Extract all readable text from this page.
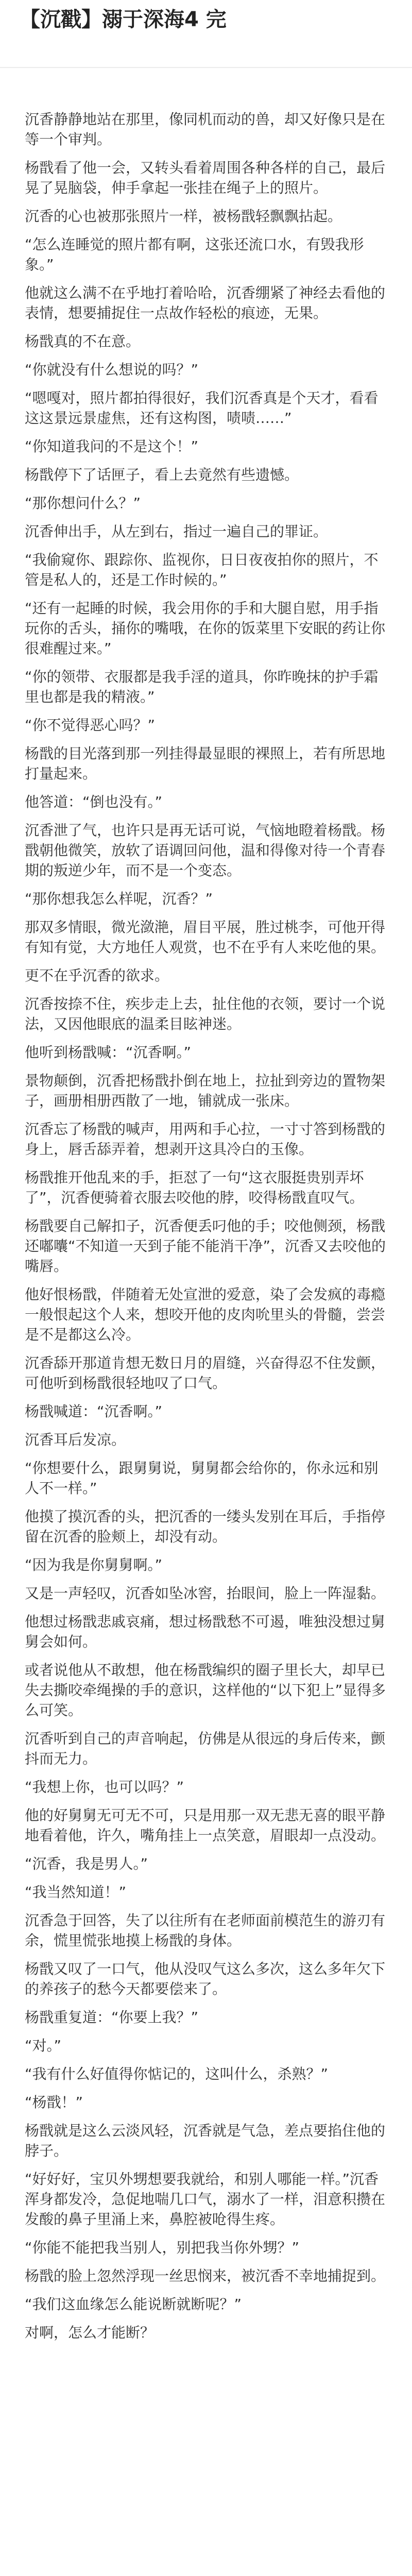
【沉戳】溺于深海4 完

沉香静静地站在那里，像同机而动的兽，却又好像只是在等一个审判。

杨戬看了他一会，又转头看着周围各种各样的自己，最后晃了晃脑袋，伸手拿起一张挂在绳子上的照片。

沉香的心也被那张照片一样，被杨戬轻飘飘拈起。

“怎么连睡觉的照片都有啊，这张还流口水，有毁我形象。”

他就这么满不在乎地打着哈哈，沉香绷紧了神经去看他的表情，想要捕捉住一点故作轻松的痕迹，无果。

杨戬真的不在意。

“你就没有什么想说的吗？”

“嗯嘎对，照片都拍得很好，我们沉香真是个天才，看看这这景远景虚焦，还有这构图，啧啧……”

“你知道我问的不是这个！”

杨戬停下了话匣子，看上去竟然有些遗憾。

“那你想问什么？”

沉香伸出手，从左到右，指过一遍自己的罪证。

“我偷窥你、跟踪你、监视你，日日夜夜拍你的照片，不管是私人的，还是工作时候的。”

“还有一起睡的时候，我会用你的手和大腿自慰，用手指玩你的舌头，捅你的嘴哦，在你的饭菜里下安眠的药让你很难醒过来。”

“你的领带、衣服都是我手淫的道具，你昨晚抹的护手霜里也都是我的精液。”

“你不觉得恶心吗？”

杨戬的目光落到那一列挂得最显眼的裸照上，若有所思地打量起来。

他答道：“倒也没有。”

沉香泄了气，也许只是再无话可说，气恼地瞪着杨戬。杨戬朝他微笑，放软了语调回问他，温和得像对待一个青春期的叛逆少年，而不是一个变态。

“那你想我怎么样呢，沉香？”

那双多情眼，微光潋滟，眉目平展，胜过桃李，可他开得有知有觉，大方地任人观赏，也不在乎有人来吃他的果。

更不在乎沉香的欲求。

沉香按捺不住，疾步走上去，扯住他的衣领，要讨一个说法，又因他眼底的温柔目眩神迷。

他听到杨戬喊：“沉香啊。”

景物颠倒，沉香把杨戬扑倒在地上，拉扯到旁边的置物架子，画册相册西散了一地，铺就成一张床。

沉香忘了杨戬的喊声，用两和手心拉，一寸寸答到杨戬的身上，唇舌舔弄着，想剥开这具冷白的玉像。

杨戬推开他乱来的手，拒怼了一句“这衣服挺贵别弄坏了”，沉香便骑着衣服去咬他的脖，咬得杨戬直叹气。

杨戬要自己解扣子，沉香便丢叼他的手；咬他侧颈，杨戬还嘟囔“不知道一天到子能不能消干净”，沉香又去咬他的嘴唇。

他好恨杨戬，伴随着无处宣泄的爱意，染了会发疯的毒瘾一般恨起这个人来，想咬开他的皮肉吮里头的骨髓，尝尝是不是都这么冷。

沉香舔开那道肯想无数日月的眉缝，兴奋得忍不住发颤，可他听到杨戬很轻地叹了口气。

杨戬喊道：“沉香啊。”

沉香耳后发凉。

“你想要什么，跟舅舅说，舅舅都会给你的，你永远和别人不一样。”

他摸了摸沉香的头，把沉香的一缕头发别在耳后，手指停留在沉香的脸颊上，却没有动。

“因为我是你舅舅啊。”

又是一声轻叹，沉香如坠冰窖，抬眼间，脸上一阵湿黏。

他想过杨戬悲戚哀痛，想过杨戬愁不可遏，唯独没想过舅舅会如何。

或者说他从不敢想，他在杨戬编织的圈子里长大，却早已失去撕咬牵绳操的手的意识，这样他的“以下犯上”显得多么可笑。

沉香听到自己的声音响起，仿佛是从很远的身后传来，颤抖而无力。

“我想上你，也可以吗？”

他的好舅舅无可无不可，只是用那一双无悲无喜的眼平静地看着他，许久，嘴角挂上一点笑意，眉眼却一点没动。

“沉香，我是男人。”

“我当然知道！”

沉香急于回答，失了以往所有在老师面前模范生的游刃有余，慌里慌张地摸上杨戬的身体。

杨戬又叹了一口气，他从没叹气这么多次，这么多年欠下的养孩子的愁今天都要偿来了。

杨戬重复道：“你要上我？”

“对。”

“我有什么好值得你惦记的，这叫什么，杀熟？”

“杨戬！”

杨戬就是这么云淡风轻，沉香就是气急，差点要掐住他的脖子。

“好好好，宝贝外甥想要我就给，和别人哪能一样。”沉香浑身都发冷，急促地喘几口气，溺水了一样，泪意积攒在发酸的鼻子里涌上来，鼻腔被呛得生疼。

“你能不能把我当别人，别把我当你外甥？”

杨戬的脸上忽然浮现一丝思悯来，被沉香不幸地捕捉到。

“我们这血缘怎么能说断就断呢？”

对啊，怎么才能断？
